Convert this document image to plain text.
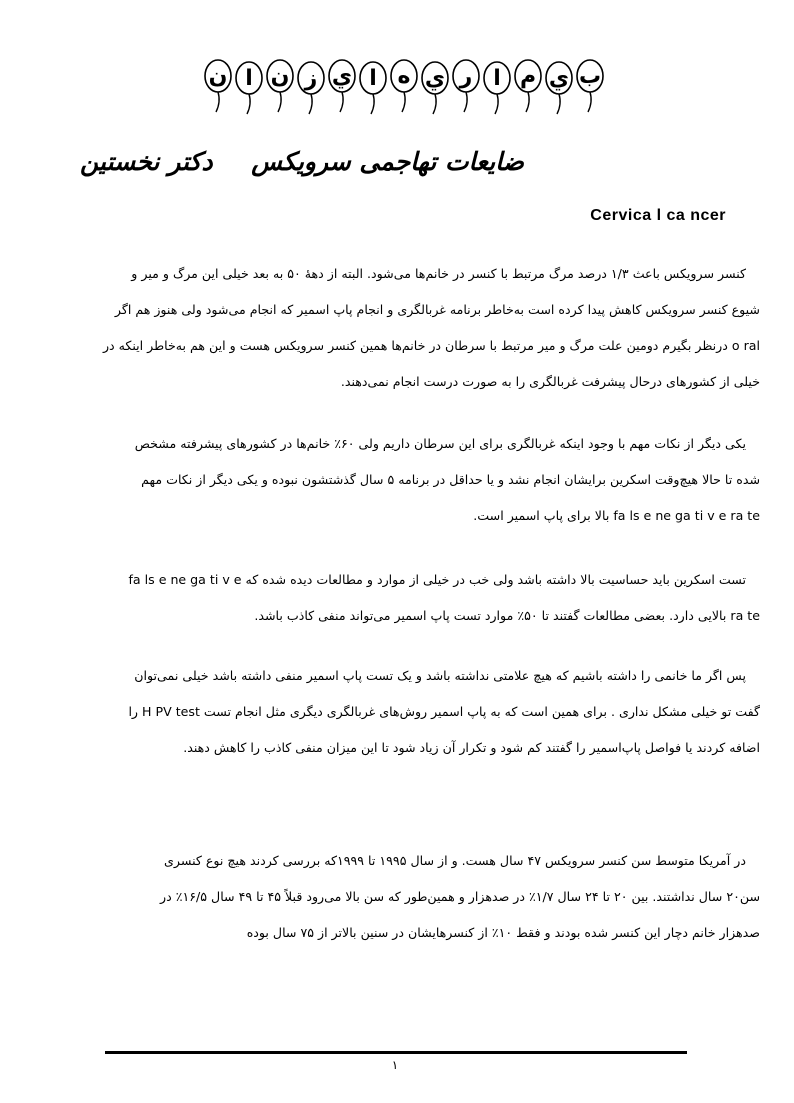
ب
ي
م
ا
ر
ي
ه
ا
ي
ز
ن
ا
ن
ضایعات تهاجمی سرویکس
دکتر نخستین
Cervica l ca ncer
کنسر سرویکس باعث ۱/۳ درصد مرگ مرتبط با کنسر در خانم‌ها می‌شود. البته از دههٔ ۵۰ به بعد خیلی این مرگ و میر و
شیوع کنسر سرویکس کاهش پیدا کرده است به‌خاطر برنامه غربالگری و انجام پاپ اسمیر که انجام می‌شود ولی هنوز هم اگر
o ral درنظر بگیرم دومین علت مرگ و میر مرتبط با سرطان در خانم‌ها همین کنسر سرویکس هست و این هم به‌خاطر اینکه در
خیلی از کشورهای درحال پیشرفت غربالگری را به صورت درست انجام نمی‌دهند.
یکی دیگر از نکات مهم با وجود اینکه غربالگری برای این سرطان داریم ولی ۶۰٪ خانم‌ها در کشورهای پیشرفته مشخص
شده تا حالا هیچ‌وقت اسکرین برایشان انجام نشد و یا حداقل در برنامه ۵ سال گذشتشون نبوده و یکی دیگر از نکات مهم
fa ls e ne ga ti v e ra te بالا برای پاپ اسمیر است.
تست اسکرین باید حساسیت بالا داشته باشد ولی خب در خیلی از موارد و مطالعات دیده شده که fa ls e ne ga ti v e
ra te بالایی دارد. بعضی مطالعات گفتند تا ۵۰٪ موارد تست پاپ اسمیر می‌تواند منفی کاذب باشد.
پس اگر ما خانمی را داشته باشیم که هیچ علامتی نداشته باشد و یک تست پاپ اسمیر منفی داشته باشد خیلی نمی‌توان
گفت تو خیلی مشکل نداری . برای همین است که به پاپ اسمیر روش‌های غربالگری دیگری مثل انجام تست H PV test را
اضافه کردند یا فواصل پاپ‌اسمیر را گفتند کم شود و تکرار آن زیاد شود تا این میزان منفی کاذب را کاهش دهند.
در آمریکا متوسط سن کنسر سرویکس ۴۷ سال هست. و از سال ۱۹۹۵ تا ۱۹۹۹که بررسی کردند هیچ نوع کنسری
سن۲۰ سال نداشتند. بین ۲۰ تا ۲۴ سال ۱/۷٪ در صدهزار و همین‌طور که سن بالا می‌رود قبلاً ۴۵ تا ۴۹ سال ۱۶/۵٪ در
صدهزار خانم دچار این کنسر شده بودند و فقط ۱۰٪ از کنسرهایشان در سنین بالاتر از ۷۵ سال بوده
۱
